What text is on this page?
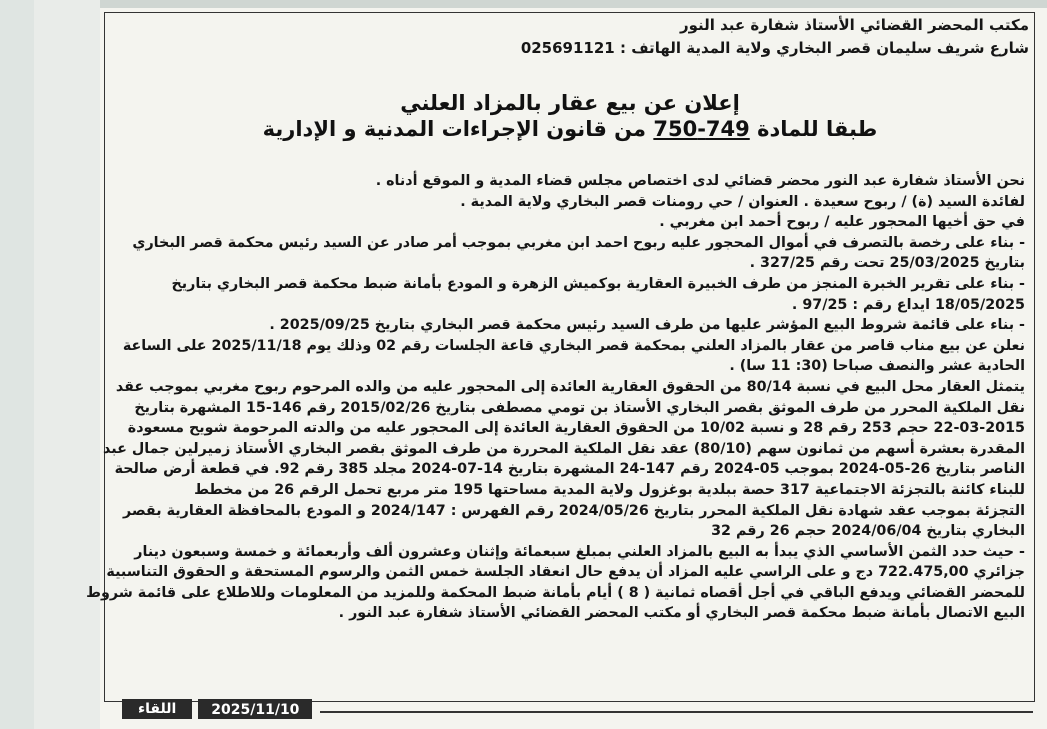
مكتب المحضر القضائي الأستاذ شفارة عبد النور
شارع شريف سليمان قصر البخاري ولاية المدية الهاتف : 025691121
إعلان عن بيع عقار بالمزاد العلني
طبقا للمادة 749-750 من قانون الإجراءات المدنية و الإدارية
نحن الأستاذ شفارة عبد النور محضر قضائي لدى اختصاص مجلس قضاء المدية و الموقع أدناه .
لفائدة السيد (ة) / ربوح سعيدة . العنوان / حي رومنات قصر البخاري ولاية المدية .
في حق أخيها المحجور عليه / ربوح أحمد ابن مغربي .
- بناء على رخصة بالتصرف في أموال المحجور عليه ربوح احمد ابن مغربي بموجب أمر صادر عن السيد رئيس محكمة قصر البخاري
بتاريخ 25/03/2025 تحت رقم 327/25 .
- بناء على تقرير الخبرة المنجز من طرف الخبيرة العقارية بوكميش الزهرة و المودع بأمانة ضبط محكمة قصر البخاري بتاريخ
18/05/2025 ايداع رقم : 97/25 .
- بناء على قائمة شروط البيع المؤشر عليها من طرف السيد رئيس محكمة قصر البخاري بتاريخ 2025/09/25 .
نعلن عن بيع مناب قاصر من عقار بالمزاد العلني بمحكمة قصر البخاري قاعة الجلسات رقم 02 وذلك يوم 2025/11/18 على الساعة
الحادية عشر والنصف صباحا (30: 11 سا) .
يتمثل العقار محل البيع في نسبة 80/14 من الحقوق العقارية العائدة إلى المحجور عليه من والده المرحوم ربوح مغربي بموجب عقد
نقل الملكية المحرر من طرف الموثق بقصر البخاري الأستاذ بن تومي مصطفى بتاريخ 2015/02/26 رقم 146-15 المشهرة بتاريخ
22-03-2015 حجم 253 رقم 28 و نسبة 10/02 من الحقوق العقارية العائدة إلى المحجور عليه من والدته المرحومة شويح مسعودة
المقدرة بعشرة أسهم من ثمانون سهم (80/10) عقد نقل الملكية المحررة من طرف الموثق بقصر البخاري الأستاذ زميرلين جمال عبد
الناصر بتاريخ 26-05-2024 بموجب 05-2024 رقم 147-24 المشهرة بتاريخ 14-07-2024 مجلد 385 رقم 92. في قطعة أرض صالحة
للبناء كائنة بالتجزئة الاجتماعية 317 حصة ببلدية بوغزول ولاية المدية مساحتها 195 متر مربع تحمل الرقم 26 من مخطط
التجزئة بموجب عقد شهادة نقل الملكية المحرر بتاريخ 2024/05/26 رقم الفهرس : 2024/147 و المودع بالمحافظة العقارية بقصر
البخاري بتاريخ 2024/06/04 حجم 26 رقم 32
- حيث حدد الثمن الأساسي الذي يبدأ به البيع بالمزاد العلني بمبلغ سبعمائة وإثنان وعشرون ألف وأربعمائة و خمسة وسبعون دينار
جزائري 722.475,00 دج و على الراسي عليه المزاد أن يدفع حال انعقاد الجلسة خمس الثمن والرسوم المستحقة و الحقوق التناسبية
للمحضر القضائي ويدفع الباقي في أجل أقصاه ثمانية ( 8 ) أيام بأمانة ضبط المحكمة وللمزيد من المعلومات وللاطلاع على قائمة شروط
البيع الاتصال بأمانة ضبط محكمة قصر البخاري أو مكتب المحضر القضائي الأستاذ شفارة عبد النور .
اللقاء	2025/11/10
